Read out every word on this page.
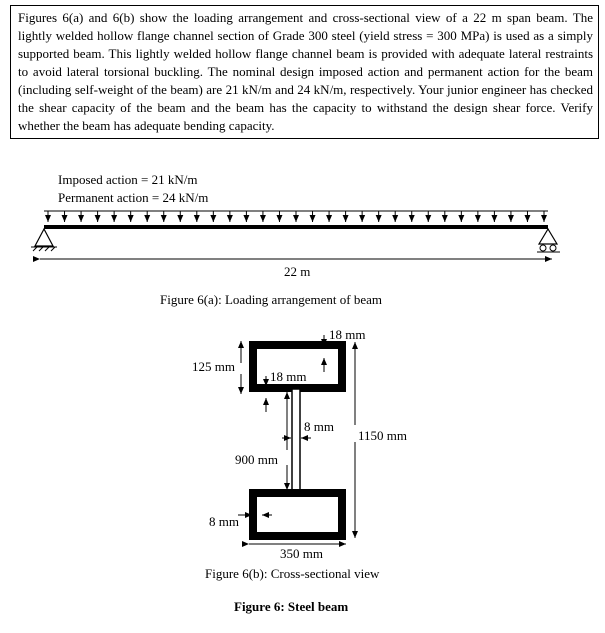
Figures 6(a) and 6(b) show the loading arrangement and cross-sectional view of a 22 m span beam. The lightly welded hollow flange channel section of Grade 300 steel (yield stress = 300 MPa) is used as a simply supported beam. This lightly welded hollow flange channel beam is provided with adequate lateral restraints to avoid lateral torsional buckling. The nominal design imposed action and permanent action for the beam (including self-weight of the beam) are 21 kN/m and 24 kN/m, respectively. Your junior engineer has checked the shear capacity of the beam and the beam has the capacity to withstand the design shear force. Verify whether the beam has adequate bending capacity.
Imposed action = 21 kN/m
Permanent action = 24 kN/m
22 m
Figure 6(a): Loading arrangement of beam
18 mm
125 mm
18 mm
8 mm
1150 mm
900 mm
8 mm
350 mm
Figure 6(b): Cross-sectional view
Figure 6: Steel beam
